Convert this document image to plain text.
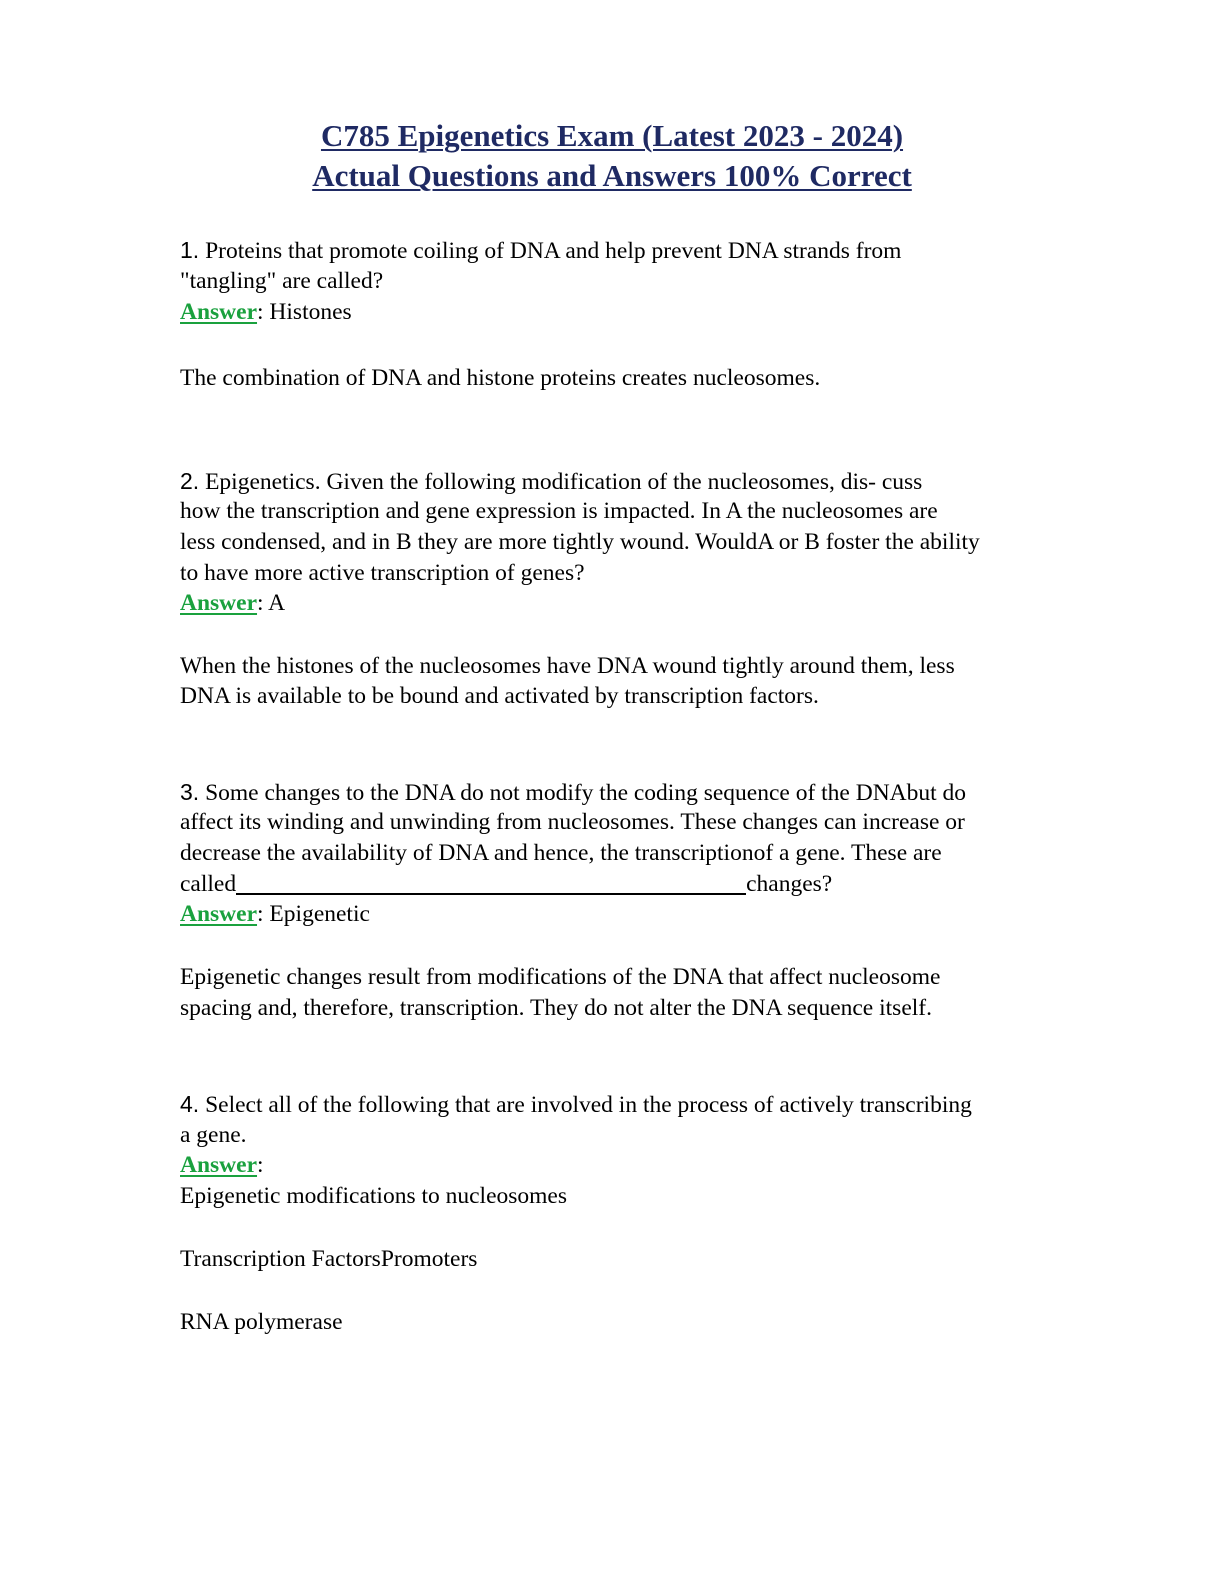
C785 Epigenetics Exam (Latest 2023 - 2024)
Actual Questions and Answers 100% Correct
1. Proteins that promote coiling of DNA and help prevent DNA strands from
"tangling" are called?
Answer: Histones
The combination of DNA and histone proteins creates nucleosomes.
2. Epigenetics. Given the following modification of the nucleosomes, dis- cuss
how the transcription and gene expression is impacted. In A the nucleosomes are
less condensed, and in B they are more tightly wound. WouldA or B foster the ability
to have more active transcription of genes?
Answer: A
When the histones of the nucleosomes have DNA wound tightly around them, less
DNA is available to be bound and activated by transcription factors.
3. Some changes to the DNA do not modify the coding sequence of the DNAbut do
affect its winding and unwinding from nucleosomes. These changes can increase or
decrease the availability of DNA and hence, the transcriptionof a gene. These are
called	changes?
Answer: Epigenetic
Epigenetic changes result from modifications of the DNA that affect nucleosome
spacing and, therefore, transcription. They do not alter the DNA sequence itself.
4. Select all of the following that are involved in the process of actively transcribing
a gene.
Answer:
Epigenetic modifications to nucleosomes
Transcription FactorsPromoters
RNA polymerase
